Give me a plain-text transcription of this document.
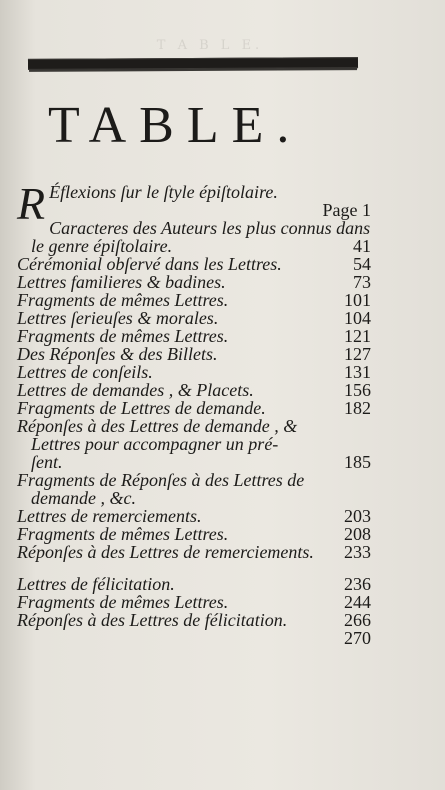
T A B L E.
TABLE.
R Éflexions ſur le ſtyle épiſtolaire.
Page 1
Caracteres des Auteurs les plus connus dans
41
le genre épiſtolaire.
54
Cérémonial obſervé dans les Lettres.
73
Lettres familieres & badines.
101
Fragments de mêmes Lettres.
104
Lettres ſerieuſes & morales.
121
Fragments de mêmes Lettres.
127
Des Réponſes & des Billets.
131
Lettres de conſeils.
156
Lettres de demandes , & Placets.
182
Fragments de Lettres de demande.
Réponſes à des Lettres de demande , &
Lettres pour accompagner un pré-
185
ſent.
Fragments de Réponſes à des Lettres de
demande , &c.
203
Lettres de remerciements.
208
Fragments de mêmes Lettres.
233
Réponſes à des Lettres de remerciements.
236
Lettres de félicitation.
244
Fragments de mêmes Lettres.
266
Réponſes à des Lettres de félicitation.
270
